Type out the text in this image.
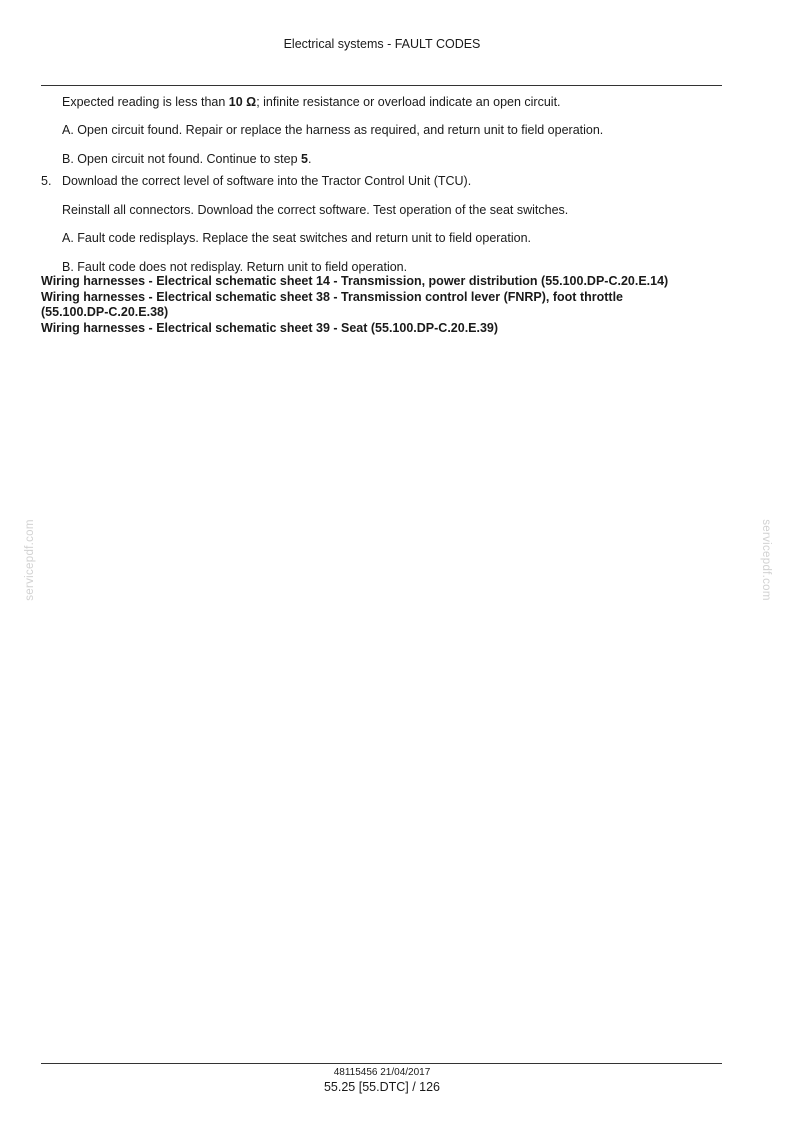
Electrical systems - FAULT CODES
Expected reading is less than 10 Ω; infinite resistance or overload indicate an open circuit.
A. Open circuit found. Repair or replace the harness as required, and return unit to field operation.
B. Open circuit not found. Continue to step 5.
5. Download the correct level of software into the Tractor Control Unit (TCU).
Reinstall all connectors. Download the correct software. Test operation of the seat switches.
A. Fault code redisplays. Replace the seat switches and return unit to field operation.
B. Fault code does not redisplay. Return unit to field operation.
Wiring harnesses - Electrical schematic sheet 14 - Transmission, power distribution (55.100.DP-C.20.E.14)
Wiring harnesses - Electrical schematic sheet 38 - Transmission control lever (FNRP), foot throttle
(55.100.DP-C.20.E.38)
Wiring harnesses - Electrical schematic sheet 39 - Seat (55.100.DP-C.20.E.39)
servicepdf.com	servicepdf.com
48115456 21/04/2017
55.25 [55.DTC] / 126
